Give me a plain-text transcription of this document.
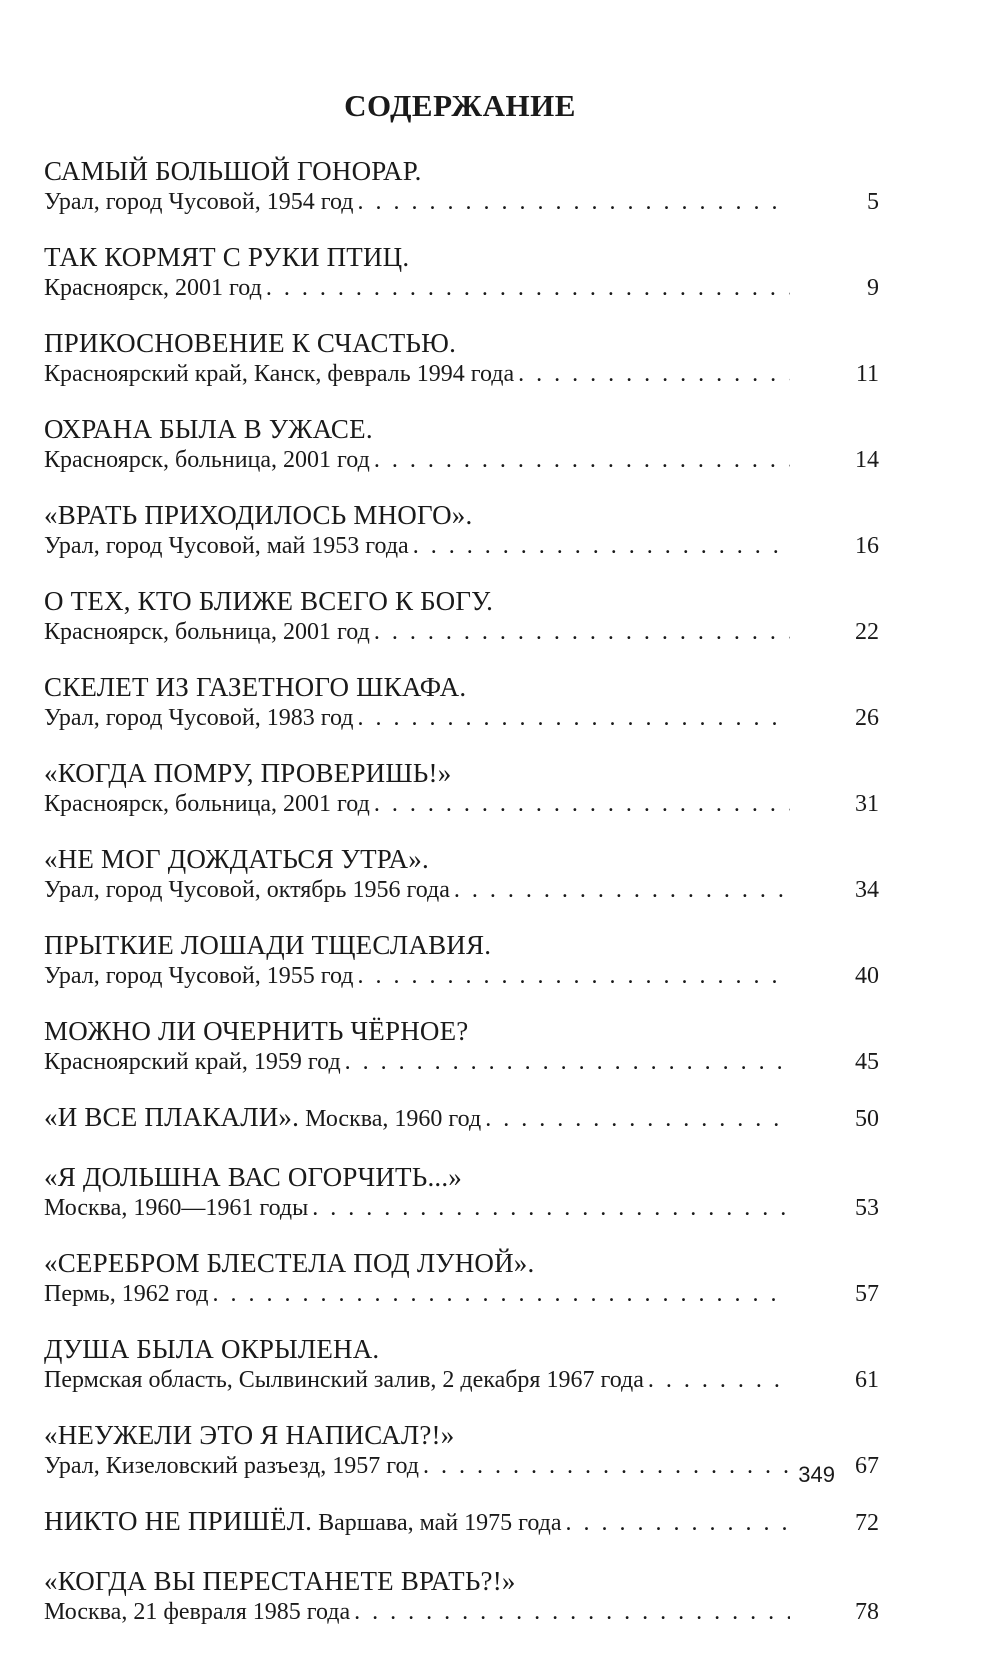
СОДЕРЖАНИЕ
САМЫЙ БОЛЬШОЙ ГОНОРАР.
Урал, город Чусовой, 1954 год . . .	5
ТАК КОРМЯТ С РУКИ ПТИЦ.
Красноярск, 2001 год . . .	9
ПРИКОСНОВЕНИЕ К СЧАСТЬЮ.
Красноярский край, Канск, февраль 1994 года . . .	11
ОХРАНА БЫЛА В УЖАСЕ.
Красноярск, больница, 2001 год . . .	14
«ВРАТЬ ПРИХОДИЛОСЬ МНОГО».
Урал, город Чусовой, май 1953 года . . .	16
О ТЕХ, КТО БЛИЖЕ ВСЕГО К БОГУ.
Красноярск, больница, 2001 год . . .	22
СКЕЛЕТ ИЗ ГАЗЕТНОГО ШКАФА.
Урал, город Чусовой, 1983 год . . .	26
«КОГДА ПОМРУ, ПРОВЕРИШЬ!»
Красноярск, больница, 2001 год . . .	31
«НЕ МОГ ДОЖДАТЬСЯ УТРА».
Урал, город Чусовой, октябрь 1956 года . . .	34
ПРЫТКИЕ ЛОШАДИ ТЩЕСЛАВИЯ.
Урал, город Чусовой, 1955 год . . .	40
МОЖНО ЛИ ОЧЕРНИТЬ ЧЁРНОЕ?
Красноярский край, 1959 год . . .	45
«И ВСЕ ПЛАКАЛИ». Москва, 1960 год . . .	50
«Я ДОЛЬШНА ВАС ОГОРЧИТЬ...»
Москва, 1960—1961 годы . . .	53
«СЕРЕБРОМ БЛЕСТЕЛА ПОД ЛУНОЙ».
Пермь, 1962 год . . .	57
ДУША БЫЛА ОКРЫЛЕНА.
Пермская область, Сылвинский залив, 2 декабря 1967 года . . .	61
«НЕУЖЕЛИ ЭТО Я НАПИСАЛ?!»
Урал, Кизеловский разъезд, 1957 год . . .	67
НИКТО НЕ ПРИШЁЛ. Варшава, май 1975 года . . .	72
«КОГДА ВЫ ПЕРЕСТАНЕТЕ ВРАТЬ?!»
Москва, 21 февраля 1985 года . . .	78
349
